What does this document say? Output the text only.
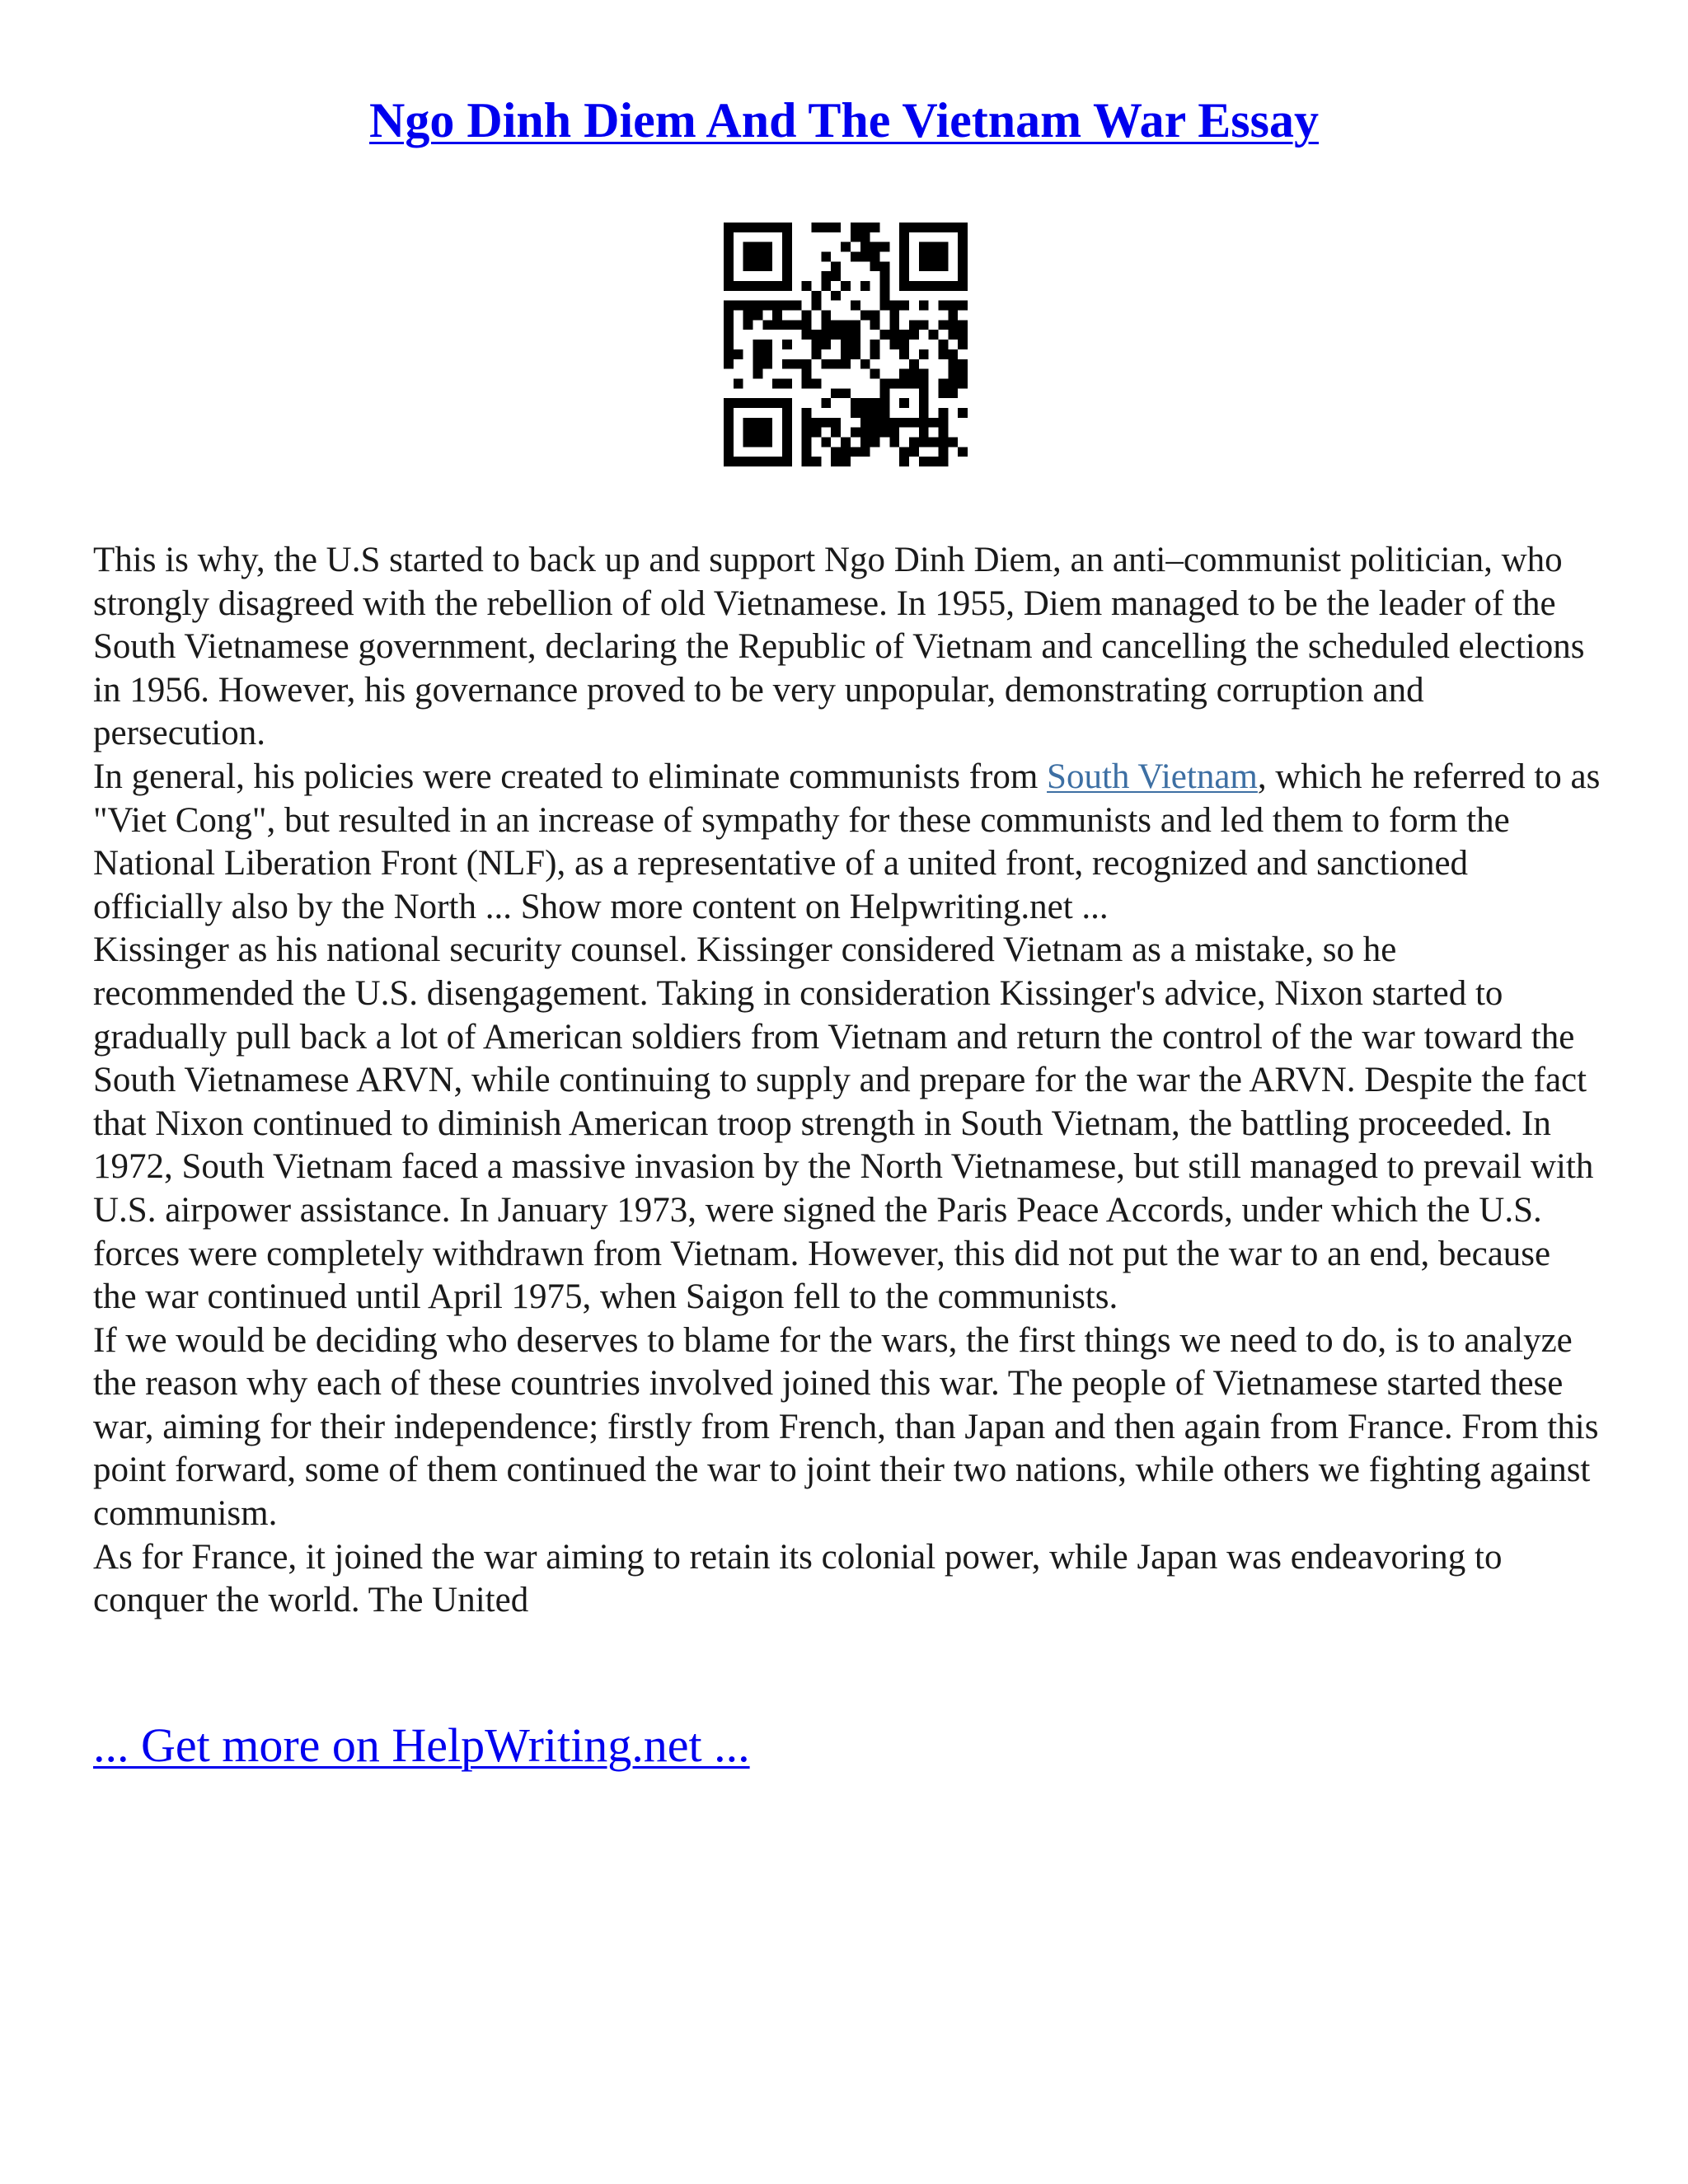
Ngo Dinh Diem And The Vietnam War Essay

This is why, the U.S started to back up and support Ngo Dinh Diem, an anti–communist politician, who strongly disagreed with the rebellion of old Vietnamese. In 1955, Diem managed to be the leader of the South Vietnamese government, declaring the Republic of Vietnam and cancelling the scheduled elections in 1956. However, his governance proved to be very unpopular, demonstrating corruption and persecution.

In general, his policies were created to eliminate communists from South Vietnam, which he referred to as "Viet Cong", but resulted in an increase of sympathy for these communists and led them to form the National Liberation Front (NLF), as a representative of a united front, recognized and sanctioned officially also by the North ... Show more content on Helpwriting.net ...

Kissinger as his national security counsel. Kissinger considered Vietnam as a mistake, so he recommended the U.S. disengagement. Taking in consideration Kissinger's advice, Nixon started to gradually pull back a lot of American soldiers from Vietnam and return the control of the war toward the South Vietnamese ARVN, while continuing to supply and prepare for the war the ARVN. Despite the fact that Nixon continued to diminish American troop strength in South Vietnam, the battling proceeded. In 1972, South Vietnam faced a massive invasion by the North Vietnamese, but still managed to prevail with U.S. airpower assistance. In January 1973, were signed the Paris Peace Accords, under which the U.S. forces were completely withdrawn from Vietnam. However, this did not put the war to an end, because the war continued until April 1975, when Saigon fell to the communists.

If we would be deciding who deserves to blame for the wars, the first things we need to do, is to analyze the reason why each of these countries involved joined this war. The people of Vietnamese started these war, aiming for their independence; firstly from French, than Japan and then again from France. From this point forward, some of them continued the war to joint their two nations, while others we fighting against communism.

As for France, it joined the war aiming to retain its colonial power, while Japan was endeavoring to conquer the world. The United

... Get more on HelpWriting.net ...
